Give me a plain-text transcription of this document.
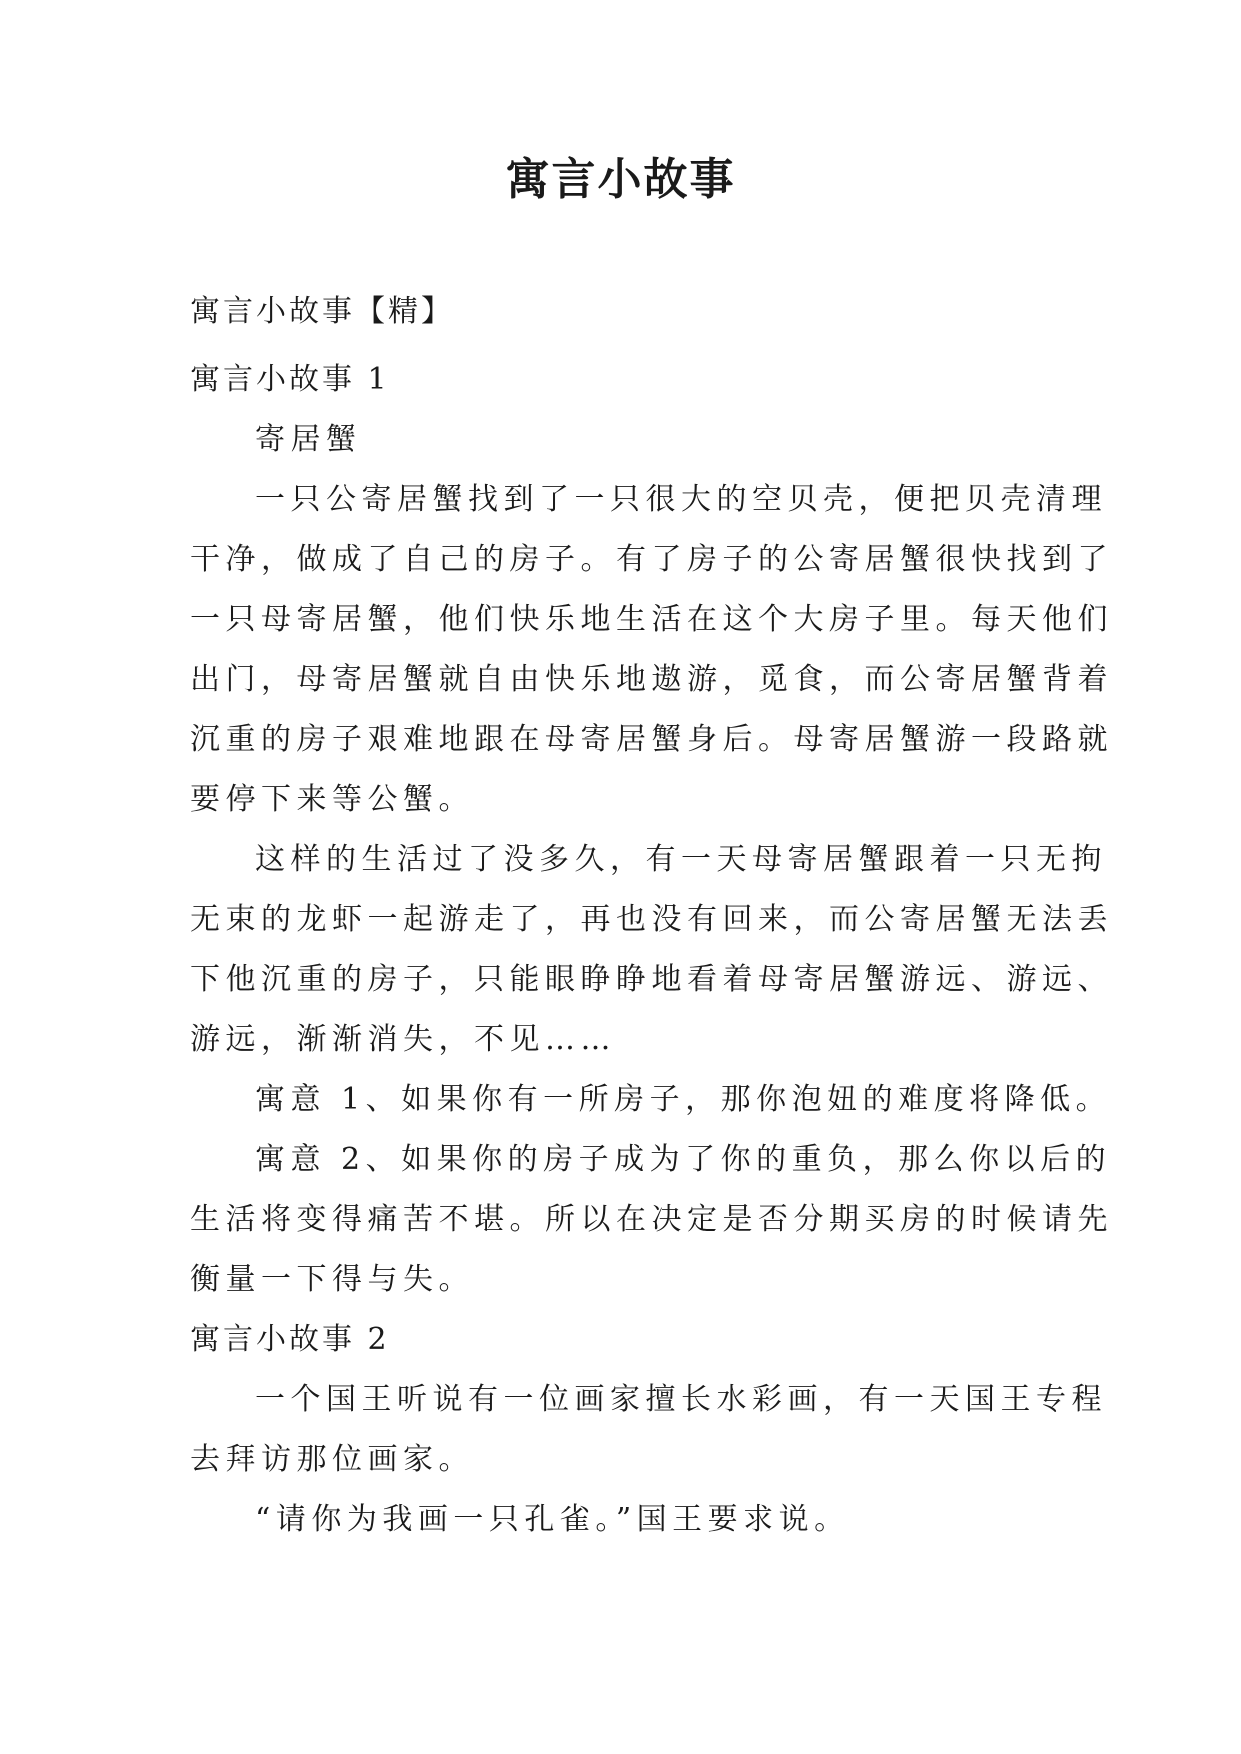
寓言小故事

寓言小故事【精】

寓言小故事 1

寄居蟹

一只公寄居蟹找到了一只很大的空贝壳，便把贝壳清理
干净，做成了自己的房子。有了房子的公寄居蟹很快找到了
一只母寄居蟹，他们快乐地生活在这个大房子里。每天他们
出门，母寄居蟹就自由快乐地遨游，觅食，而公寄居蟹背着
沉重的房子艰难地跟在母寄居蟹身后。母寄居蟹游一段路就
要停下来等公蟹。

这样的生活过了没多久，有一天母寄居蟹跟着一只无拘
无束的龙虾一起游走了，再也没有回来，而公寄居蟹无法丢
下他沉重的房子，只能眼睁睁地看着母寄居蟹游远、游远、
游远，渐渐消失，不见……

寓意 1、如果你有一所房子，那你泡妞的难度将降低。

寓意 2、如果你的房子成为了你的重负，那么你以后的
生活将变得痛苦不堪。所以在决定是否分期买房的时候请先
衡量一下得与失。

寓言小故事 2

一个国王听说有一位画家擅长水彩画，有一天国王专程
去拜访那位画家。

“请你为我画一只孔雀。”国王要求说。
